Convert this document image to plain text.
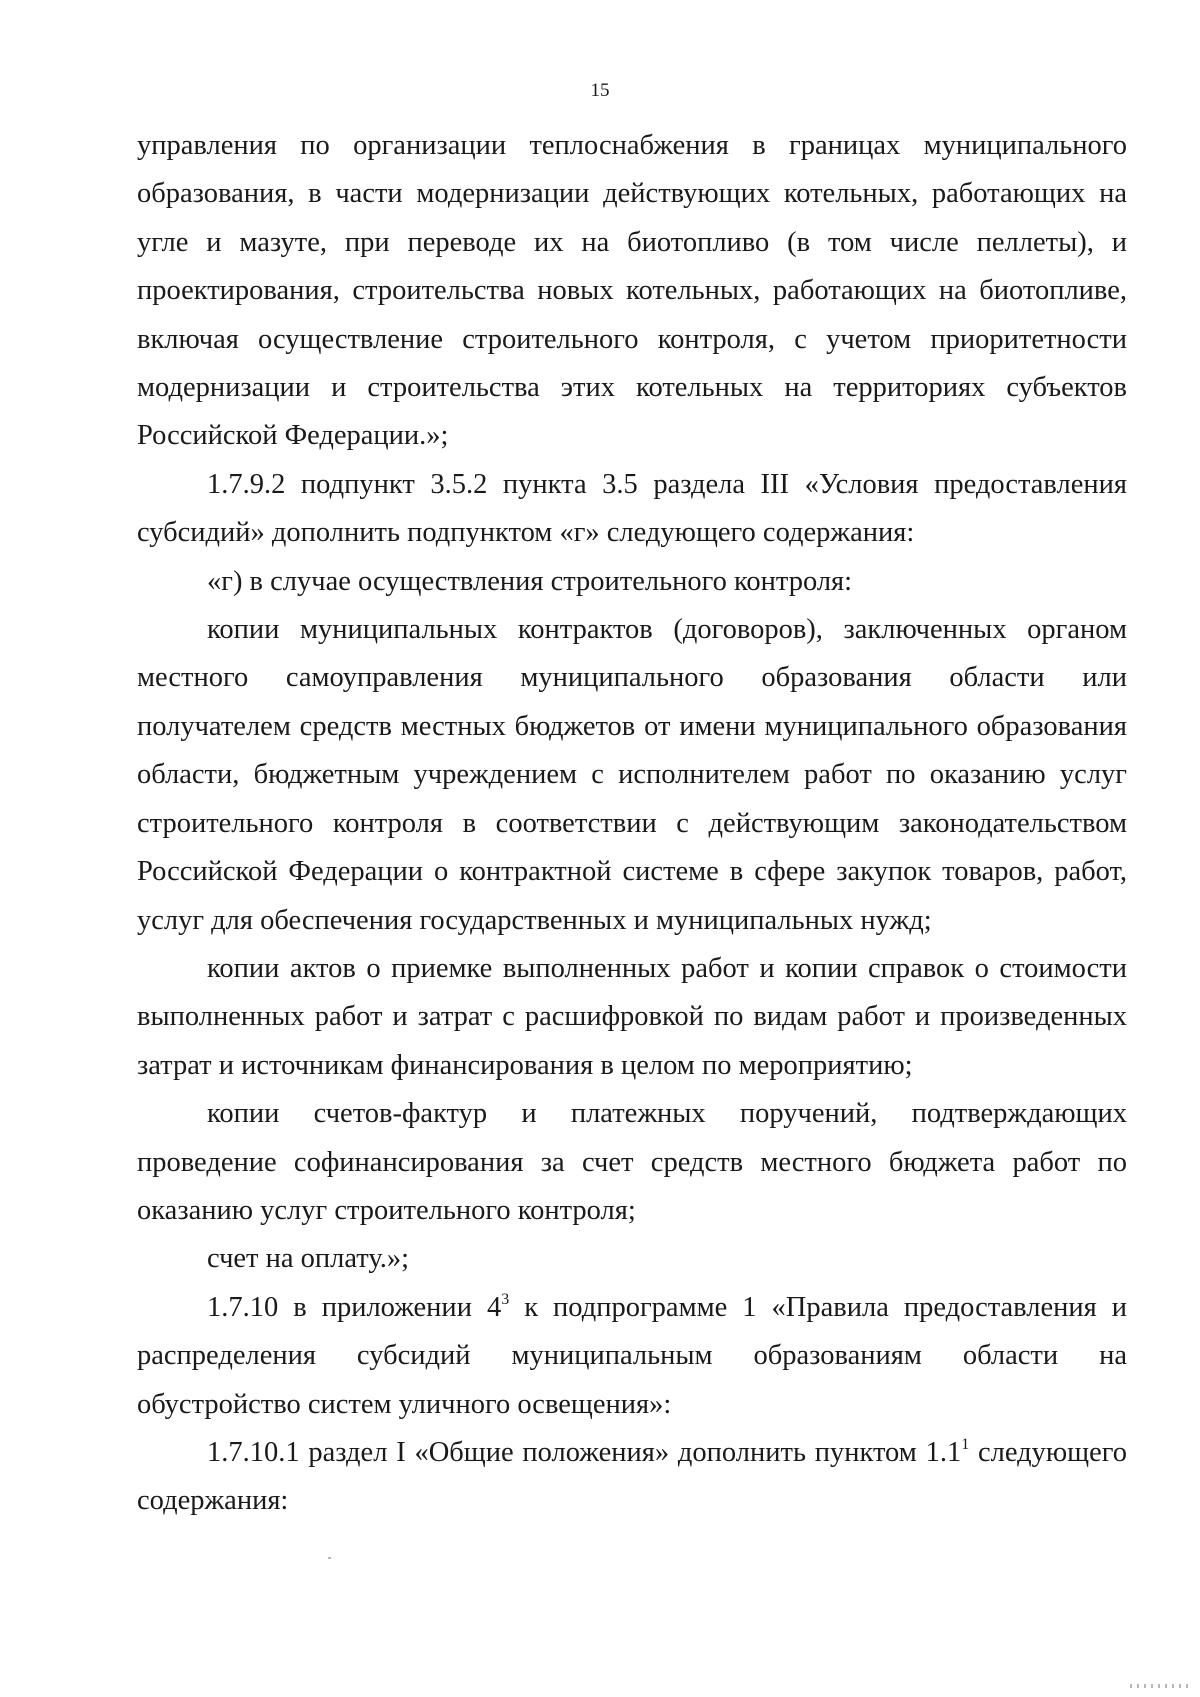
15

управления по организации теплоснабжения в границах муниципального образования, в части модернизации действующих котельных, работающих на угле и мазуте, при переводе их на биотопливо (в том числе пеллеты), и проектирования, строительства новых котельных, работающих на биотопливе, включая осуществление строительного контроля, с учетом приоритетности модернизации и строительства этих котельных на территориях субъектов Российской Федерации.»;

1.7.9.2 подпункт 3.5.2 пункта 3.5 раздела III «Условия предоставления субсидий» дополнить подпунктом «г» следующего содержания:

«г) в случае осуществления строительного контроля:

копии муниципальных контрактов (договоров), заключенных органом местного самоуправления муниципального образования области или получателем средств местных бюджетов от имени муниципального образования области, бюджетным учреждением с исполнителем работ по оказанию услуг строительного контроля в соответствии с действующим законодательством Российской Федерации о контрактной системе в сфере закупок товаров, работ, услуг для обеспечения государственных и муниципальных нужд;

копии актов о приемке выполненных работ и копии справок о стоимости выполненных работ и затрат с расшифровкой по видам работ и произведенных затрат и источникам финансирования в целом по мероприятию;

копии счетов-фактур и платежных поручений, подтверждающих проведение софинансирования за счет средств местного бюджета работ по оказанию услуг строительного контроля;

счет на оплату.»;

1.7.10 в приложении $4^3$ к подпрограмме 1 «Правила предоставления и распределения субсидий муниципальным образованиям области на обустройство систем уличного освещения»:

1.7.10.1 раздел I «Общие положения» дополнить пунктом $1.1^1$ следующего содержания:
